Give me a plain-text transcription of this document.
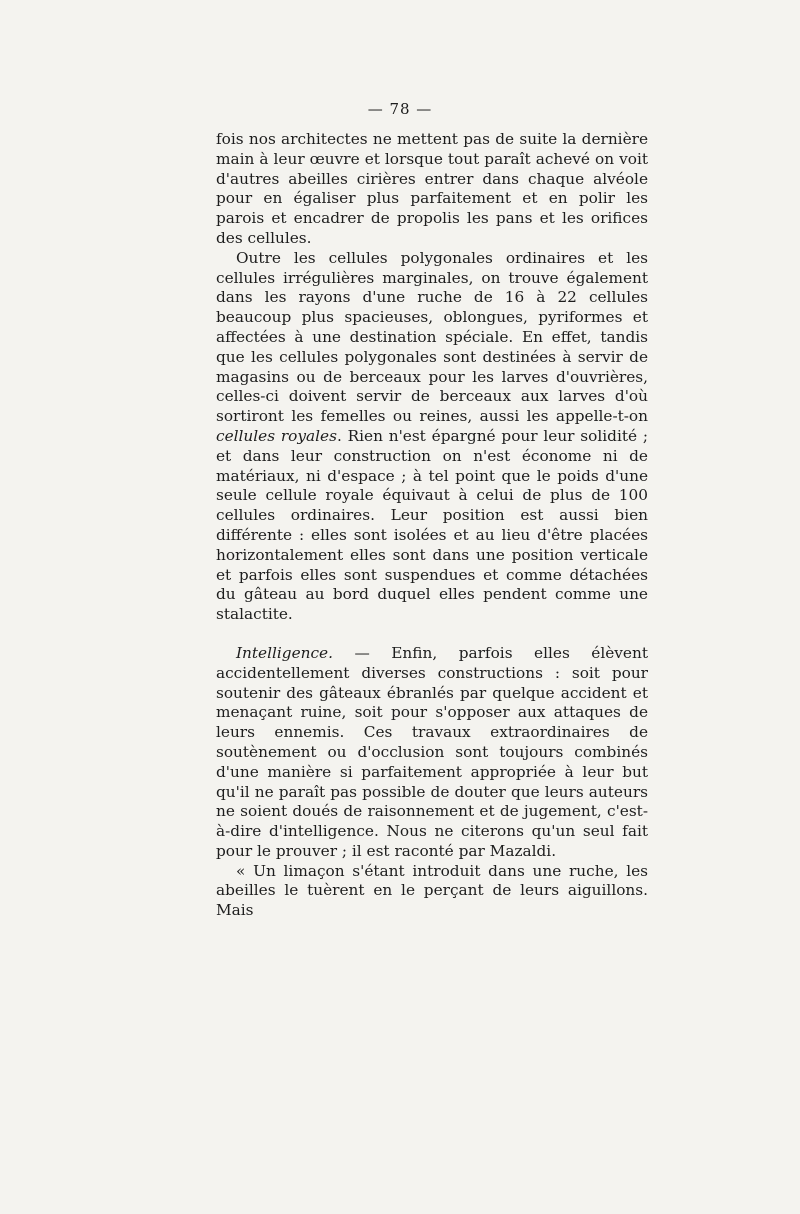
— 78 —

fois nos architectes ne mettent pas de suite la dernière main à leur œuvre et lorsque tout paraît achevé on voit d'autres abeilles cirières entrer dans chaque alvéole pour en égaliser plus parfaitement et en polir les parois et encadrer de propolis les pans et les orifices des cellules.

Outre les cellules polygonales ordinaires et les cellules irrégulières marginales, on trouve également dans les rayons d'une ruche de 16 à 22 cellules beaucoup plus spacieuses, oblongues, pyriformes et affectées à une destination spéciale. En effet, tandis que les cellules polygonales sont destinées à servir de magasins ou de berceaux pour les larves d'ouvrières, celles-ci doivent servir de berceaux aux larves d'où sortiront les femelles ou reines, aussi les appelle-t-on cellules royales. Rien n'est épargné pour leur solidité ; et dans leur construction on n'est économe ni de matériaux, ni d'espace ; à tel point que le poids d'une seule cellule royale équivaut à celui de plus de 100 cellules ordinaires. Leur position est aussi bien différente : elles sont isolées et au lieu d'être placées horizontalement elles sont dans une position verticale et parfois elles sont suspendues et comme détachées du gâteau au bord duquel elles pendent comme une stalactite.

Intelligence. — Enfin, parfois elles élèvent accidentellement diverses constructions : soit pour soutenir des gâteaux ébranlés par quelque accident et menaçant ruine, soit pour s'opposer aux attaques de leurs ennemis. Ces travaux extraordinaires de soutènement ou d'occlusion sont toujours combinés d'une manière si parfaitement appropriée à leur but qu'il ne paraît pas possible de douter que leurs auteurs ne soient doués de raisonnement et de jugement, c'est-à-dire d'intelligence. Nous ne citerons qu'un seul fait pour le prouver ; il est raconté par Mazaldi.

« Un limaçon s'étant introduit dans une ruche, les abeilles le tuèrent en le perçant de leurs aiguillons. Mais
